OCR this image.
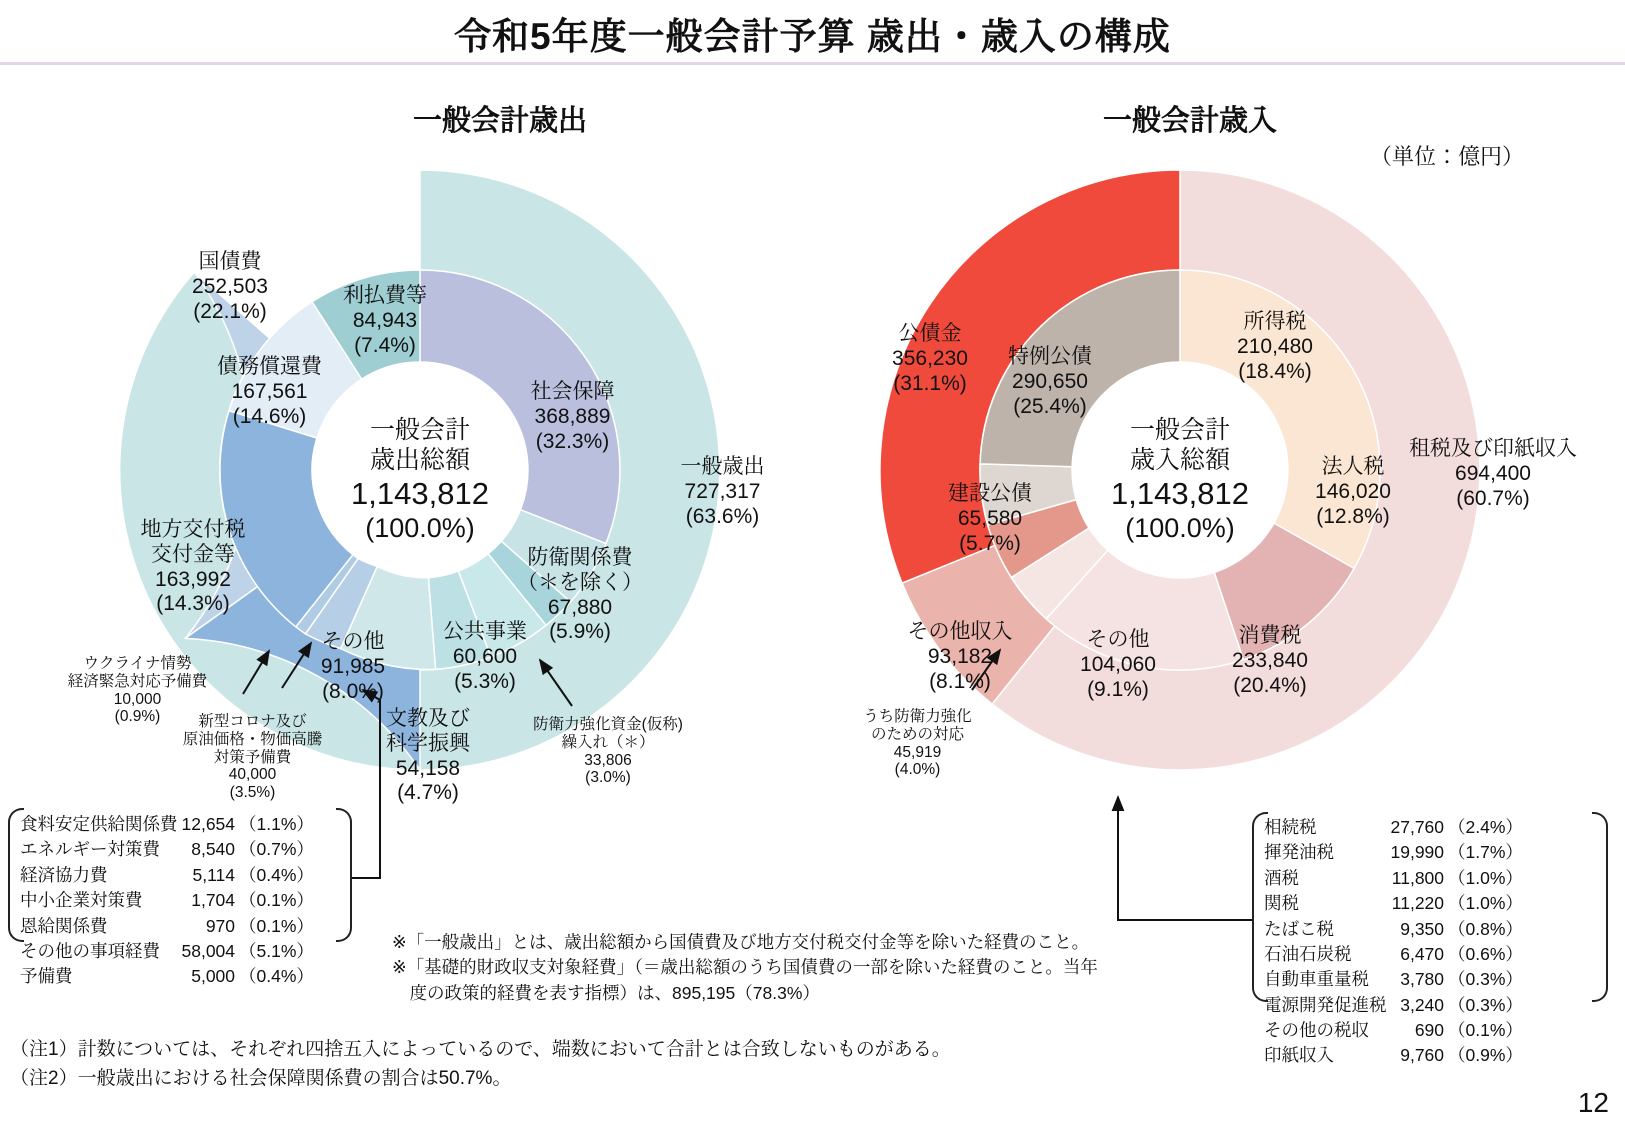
令和5年度一般会計予算 歳出・歳入の構成
一般会計歳出	一般会計歳入
（単位：億円）
一般会計
歳出総額
1,143,812
(100.0%)
一般会計
歳入総額
1,143,812
(100.0%)
国債費
252,503
(22.1%)
地方交付税
交付金等
163,992
(14.3%)
一般歳出
727,317
(63.6%)
利払費等
84,943
(7.4%)
債務償還費
167,561
(14.6%)
社会保障
368,889
(32.3%)
防衛関係費
（＊を除く）
67,880
(5.9%)
公共事業
60,600
(5.3%)
文教及び
科学振興
54,158
(4.7%)
その他
91,985
(8.0%)
ウクライナ情勢
経済緊急対応予備費
10,000
(0.9%)	新型コロナ及び
原油価格・物価高騰
対策予備費
40,000
(3.5%)
防衛力強化資金(仮称)
繰入れ（＊）
33,806
(3.0%)
公債金
356,230
(31.1%)
その他収入
93,182
(8.1%)
租税及び印紙収入
694,400
(60.7%)
特例公債
290,650
(25.4%)
建設公債
65,580
(5.7%)
所得税
210,480
(18.4%)
法人税
146,020
(12.8%)
消費税
233,840
(20.4%)
その他
104,060
(9.1%)
うち防衛力強化
のための対応
45,919
(4.0%)
食料安定供給関係費	12,654	（1.1%）
エネルギー対策費	8,540	（0.7%）
経済協力費	5,114	（0.4%）
中小企業対策費	1,704	（0.1%）
恩給関係費	970	（0.1%）
その他の事項経費	58,004	（5.1%）
予備費	5,000	（0.4%）
相続税	27,760	（2.4%）
揮発油税	19,990	（1.7%）
酒税	11,800	（1.0%）
関税	11,220	（1.0%）
たばこ税	9,350	（0.8%）
石油石炭税	6,470	（0.6%）
自動車重量税	3,780	（0.3%）
電源開発促進税	3,240	（0.3%）
その他の税収	690	（0.1%）
印紙収入	9,760	（0.9%）
※「一般歳出」とは、歳出総額から国債費及び地方交付税交付金等を除いた経費のこと。
※「基礎的財政収支対象経費」（＝歳出総額のうち国債費の一部を除いた経費のこと。当年
　度の政策的経費を表す指標）は、895,195（78.3%）
（注1）計数については、それぞれ四捨五入によっているので、端数において合計とは合致しないものがある。
（注2）一般歳出における社会保障関係費の割合は50.7%。
12
